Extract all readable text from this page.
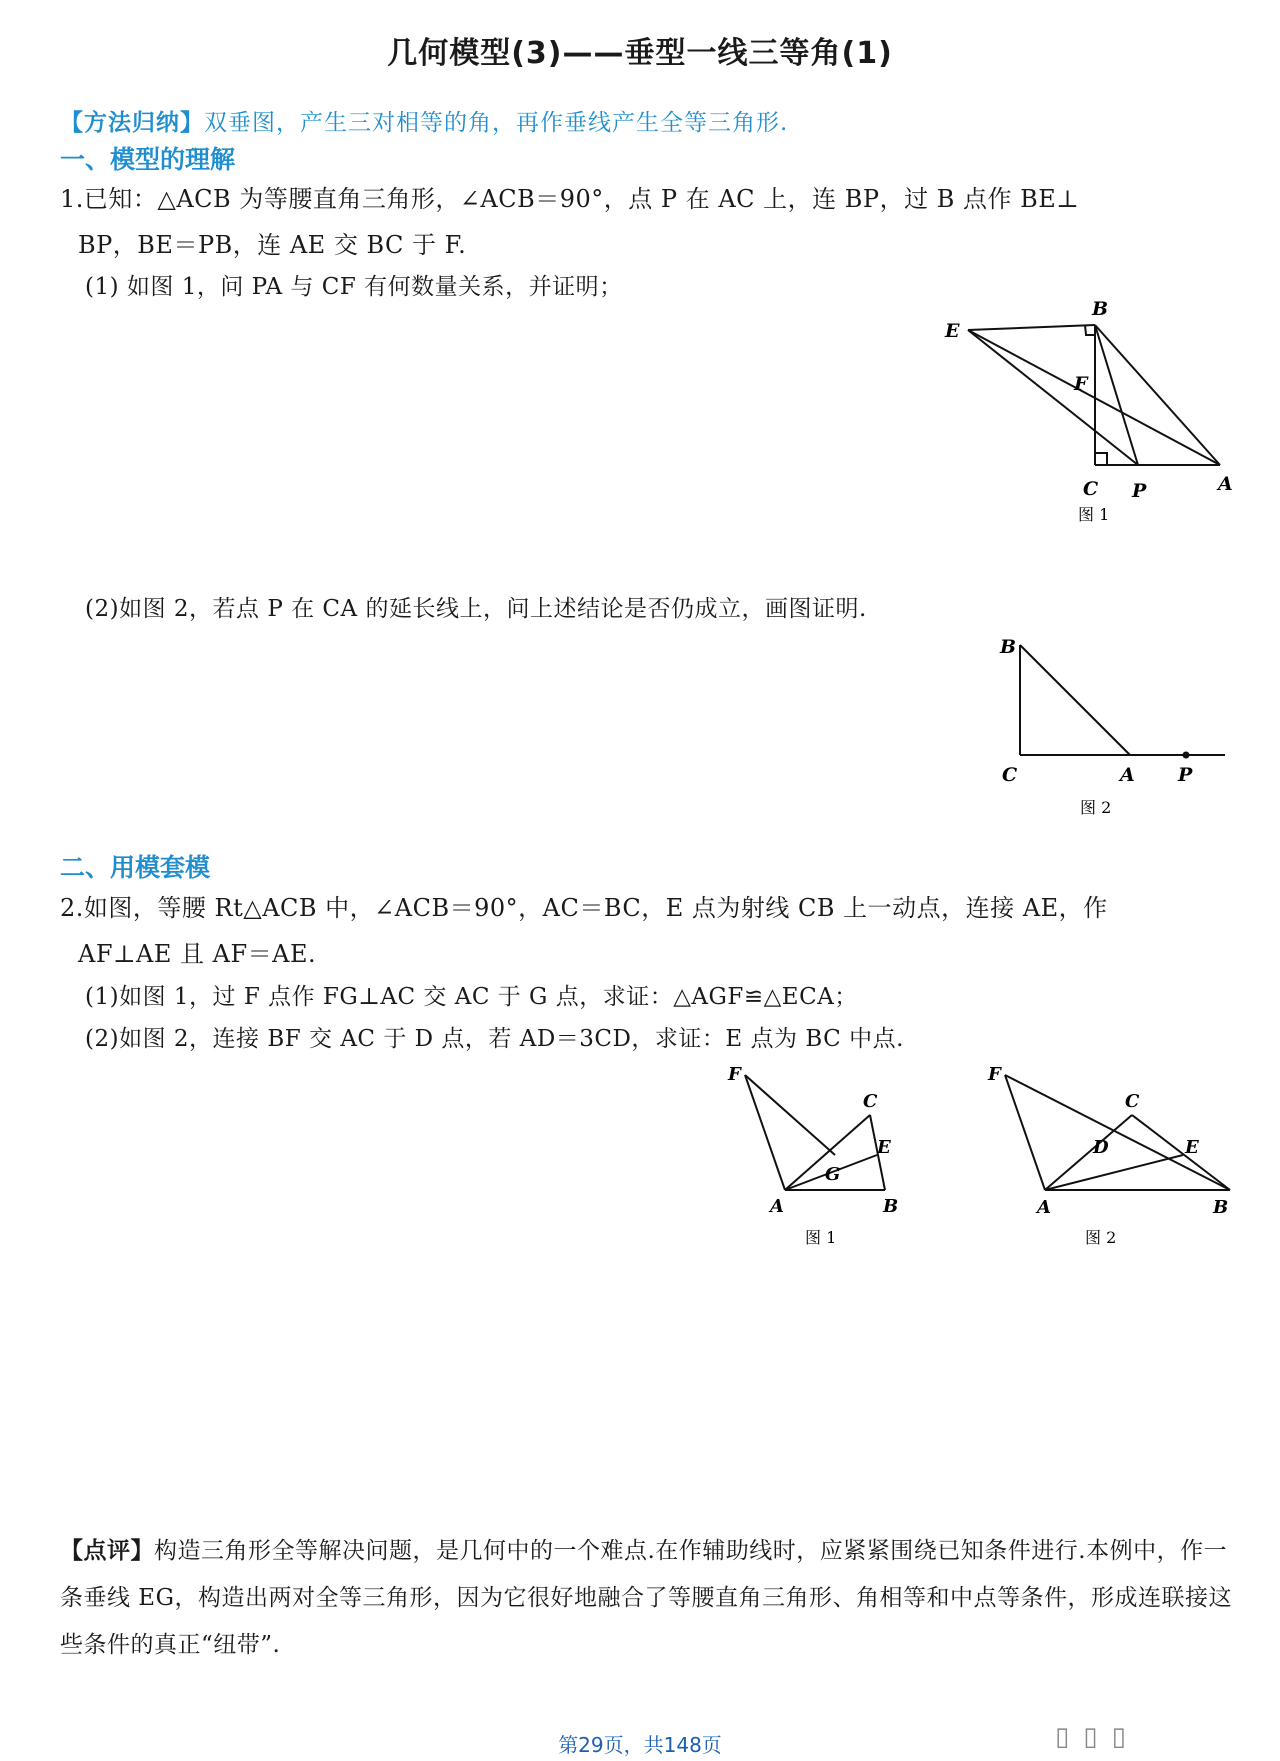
几何模型(3)——垂型一线三等角(1)
【方法归纳】双垂图，产生三对相等的角，再作垂线产生全等三角形.
一、模型的理解
1.已知：△ACB 为等腰直角三角形，∠ACB＝90°，点 P 在 AC 上，连 BP，过 B 点作 BE⊥
BP，BE＝PB，连 AE 交 BC 于 F.
(1) 如图 1，问 PA 与 CF 有何数量关系，并证明；
B
E
F
C P	A
图 1
(2)如图 2，若点 P 在 CA 的延长线上，问上述结论是否仍成立，画图证明.
B
C	A P
图 2
二、用模套模
2.如图，等腰 Rt△ACB 中，∠ACB＝90°，AC＝BC，E 点为射线 CB 上一动点，连接 AE，作
AF⊥AE 且 AF＝AE.
(1)如图 1，过 F 点作 FG⊥AC 交 AC 于 G 点，求证：△AGF≌△ECA；
(2)如图 2，连接 BF 交 AC 于 D 点，若 AD＝3CD，求证：E 点为 BC 中点.
F
C
G
E
A	B
图 1
F
C
D	E
A	B
图 2
【点评】构造三角形全等解决问题，是几何中的一个难点.在作辅助线时，应紧紧围绕已知条件进行.本例中，作一条垂线 EG，构造出两对全等三角形，因为它很好地融合了等腰直角三角形、角相等和中点等条件，形成连联接这些条件的真正“纽带”.
第29页，共148页	▯▯▯
